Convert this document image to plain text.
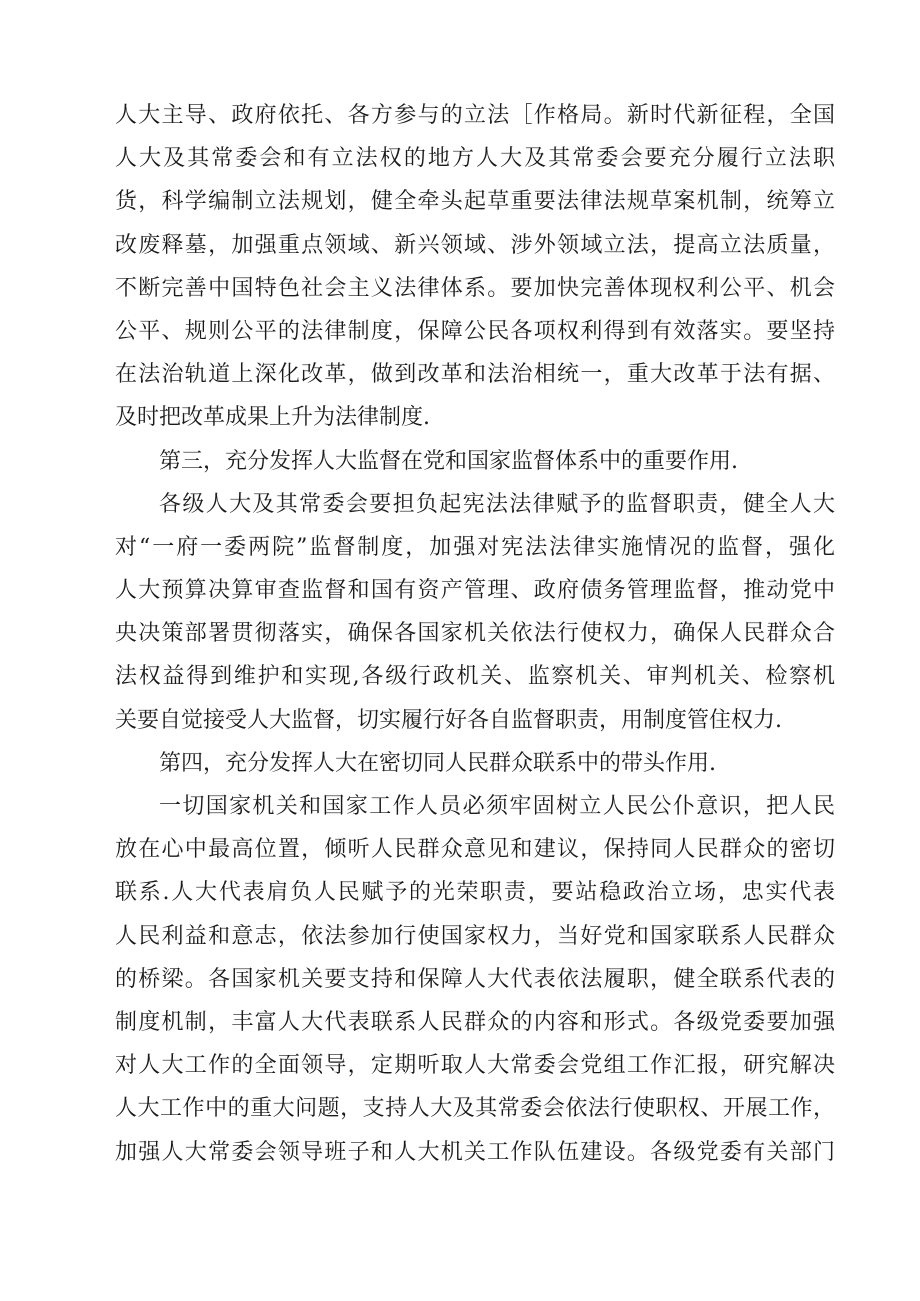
人大主导、政府依托、各方参与的立法［作格局。新时代新征程，全国
人大及其常委会和有立法权的地方人大及其常委会要充分履行立法职
货，科学编制立法规划，健全牵头起草重要法律法规草案机制，统筹立
改废释墓，加强重点领域、新兴领域、涉外领域立法，提高立法质量，
不断完善中国特色社会主义法律体系。要加快完善体现权利公平、机会
公平、规则公平的法律制度，保障公民各项权利得到有效落实。要坚持
在法治轨道上深化改革，做到改革和法治相统一，重大改革于法有据、
及时把改革成果上升为法律制度.
第三，充分发挥人大监督在党和国家监督体系中的重要作用.
各级人大及其常委会要担负起宪法法律赋予的监督职责，健全人大
对“一府一委两院”监督制度，加强对宪法法律实施情况的监督，强化
人大预算决算审查监督和国有资产管理、政府债务管理监督，推动党中
央决策部署贯彻落实，确保各国家机关依法行使权力，确保人民群众合
法权益得到维护和实现,各级行政机关、监察机关、审判机关、检察机
关要自觉接受人大监督，切实履行好各自监督职责，用制度管住权力.
第四，充分发挥人大在密切同人民群众联系中的带头作用.
一切国家机关和国家工作人员必须牢固树立人民公仆意识，把人民
放在心中最高位置，倾听人民群众意见和建议，保持同人民群众的密切
联系.人大代表肩负人民赋予的光荣职责，要站稳政治立场，忠实代表
人民利益和意志，依法参加行使国家权力，当好党和国家联系人民群众
的桥梁。各国家机关要支持和保障人大代表依法履职，健全联系代表的
制度机制，丰富人大代表联系人民群众的内容和形式。各级党委要加强
对人大工作的全面领导，定期听取人大常委会党组工作汇报，研究解决
人大工作中的重大问题，支持人大及其常委会依法行使职权、开展工作，
加强人大常委会领导班子和人大机关工作队伍建设。各级党委有关部门
